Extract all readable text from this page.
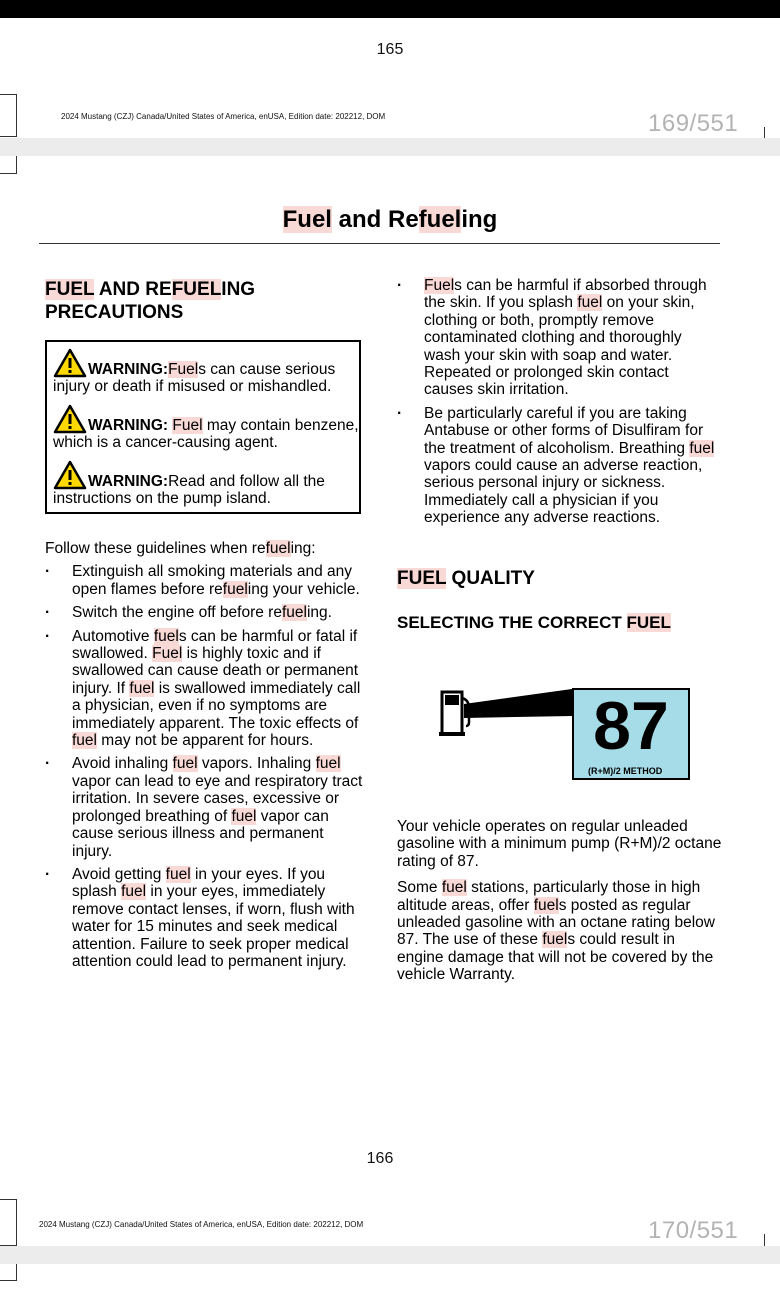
165
2024 Mustang (CZJ) Canada/United States of America, enUSA, Edition date: 202212, DOM	169/551
Fuel and Refueling
FUEL AND REFUELING PRECAUTIONS
WARNING:Fuels can cause serious injury or death if misused or mishandled.
WARNING: Fuel may contain benzene, which is a cancer-causing agent.
WARNING:Read and follow all the instructions on the pump island.

Follow these guidelines when refueling:

· Extinguish all smoking materials and any open flames before refueling your vehicle.
· Switch the engine off before refueling.
· Automotive fuels can be harmful or fatal if swallowed. Fuel is highly toxic and if swallowed can cause death or permanent injury. If fuel is swallowed immediately call a physician, even if no symptoms are immediately apparent. The toxic effects of fuel may not be apparent for hours.
· Avoid inhaling fuel vapors. Inhaling fuel vapor can lead to eye and respiratory tract irritation. In severe cases, excessive or prolonged breathing of fuel vapor can cause serious illness and permanent injury.
· Avoid getting fuel in your eyes. If you splash fuel in your eyes, immediately remove contact lenses, if worn, flush with water for 15 minutes and seek medical attention. Failure to seek proper medical attention could lead to permanent injury.
· Fuels can be harmful if absorbed through the skin. If you splash fuel on your skin, clothing or both, promptly remove contaminated clothing and thoroughly wash your skin with soap and water. Repeated or prolonged skin contact causes skin irritation.
· Be particularly careful if you are taking Antabuse or other forms of Disulfiram for the treatment of alcoholism. Breathing fuel vapors could cause an adverse reaction, serious personal injury or sickness. Immediately call a physician if you experience any adverse reactions.
FUEL QUALITY
SELECTING THE CORRECT FUEL
87
(R+M)/2 METHOD

Your vehicle operates on regular unleaded gasoline with a minimum pump (R+M)/2 octane rating of 87.

Some fuel stations, particularly those in high altitude areas, offer fuels posted as regular unleaded gasoline with an octane rating below 87. The use of these fuels could result in engine damage that will not be covered by the vehicle Warranty.

166
2024 Mustang (CZJ) Canada/United States of America, enUSA, Edition date: 202212, DOM	170/551
